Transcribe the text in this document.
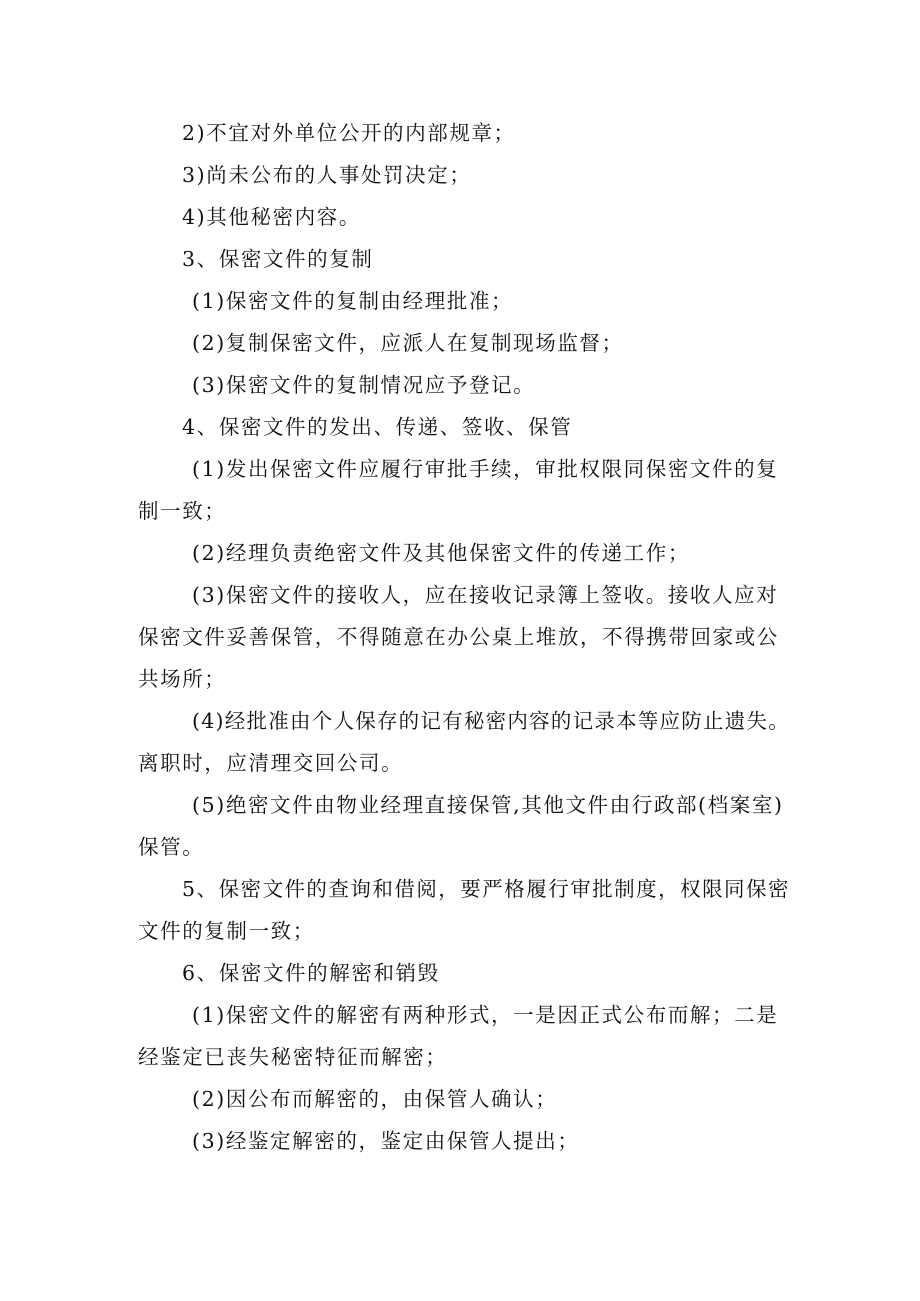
2)不宜对外单位公开的内部规章；
3)尚未公布的人事处罚决定；
4)其他秘密内容。
3、保密文件的复制
(1)保密文件的复制由经理批准；
(2)复制保密文件，应派人在复制现场监督；
(3)保密文件的复制情况应予登记。
4、保密文件的发出、传递、签收、保管
(1)发出保密文件应履行审批手续，审批权限同保密文件的复
制一致；
(2)经理负责绝密文件及其他保密文件的传递工作；
(3)保密文件的接收人，应在接收记录簿上签收。接收人应对
保密文件妥善保管，不得随意在办公桌上堆放，不得携带回家或公
共场所；
(4)经批准由个人保存的记有秘密内容的记录本等应防止遗失。
离职时，应清理交回公司。
(5)绝密文件由物业经理直接保管,其他文件由行政部(档案室)
保管。
5、保密文件的查询和借阅，要严格履行审批制度，权限同保密
文件的复制一致；
6、保密文件的解密和销毁
(1)保密文件的解密有两种形式，一是因正式公布而解；二是
经鉴定已丧失秘密特征而解密；
(2)因公布而解密的，由保管人确认；
(3)经鉴定解密的，鉴定由保管人提出；
